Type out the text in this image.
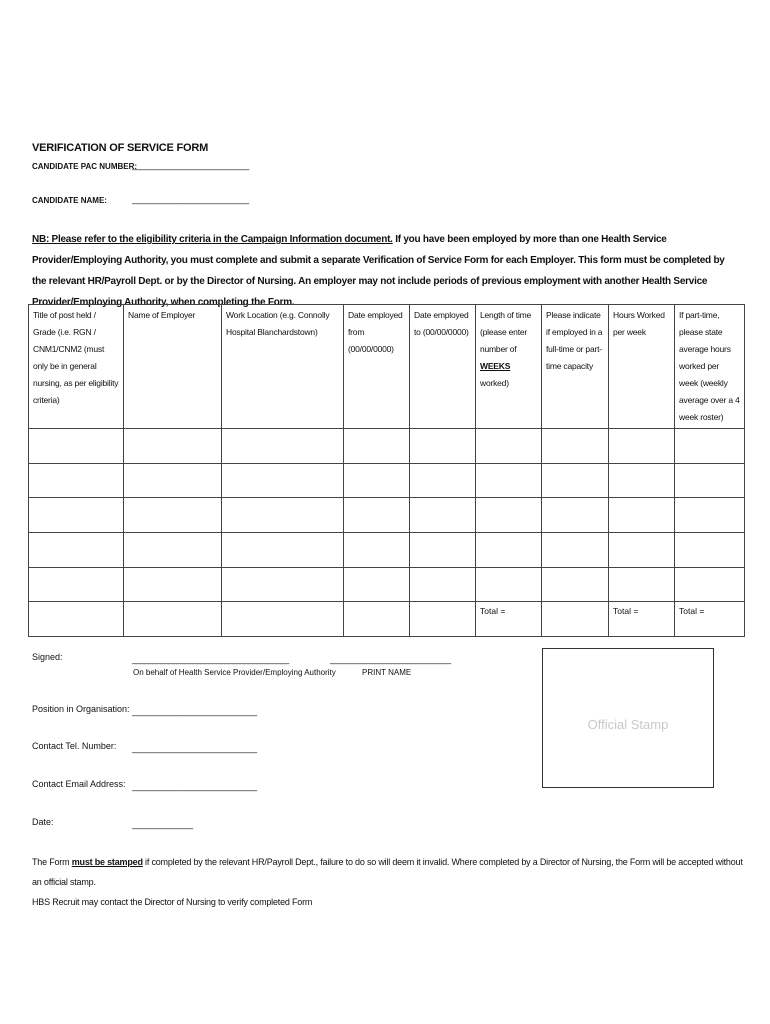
VERIFICATION OF SERVICE FORM
CANDIDATE PAC NUMBER:
_____________________________
CANDIDATE NAME:	_____________________________
NB: Please refer to the eligibility criteria in the Campaign Information document. If you have been employed by more than one Health Service Provider/Employing Authority, you must complete and submit a separate Verification of Service Form for each Employer. This form must be completed by the relevant HR/Payroll Dept. or by the Director of Nursing. An employer may not include periods of previous employment with another Health Service Provider/Employing Authority, when completing the Form.
Title of post held / Grade (i.e. RGN / CNM1/CNM2 (must only be in general nursing, as per eligibility criteria)	Name of Employer	Work Location (e.g. Connolly Hospital Blanchardstown)	Date employed from (00/00/0000)	Date employed to (00/00/0000)	Length of time (please enter number of WEEKS worked)	Please indicate if employed in a full-time or part-time capacity	Hours Worked per week	If part-time, please state average hours worked per week (weekly average over a 4 week roster)

					Total =		Total =	Total =
Signed:	_______________________________________	______________________________
On behalf of Health Service Provider/Employing Authority	PRINT NAME
Position in Organisation: _______________________________
Contact Tel. Number: _______________________________
Contact Email Address: _______________________________
Date:	_______________
Official Stamp
The Form must be stamped if completed by the relevant HR/Payroll Dept., failure to do so will deem it invalid. Where completed by a Director of Nursing, the Form will be accepted without an official stamp.
HBS Recruit may contact the Director of Nursing to verify completed Form
